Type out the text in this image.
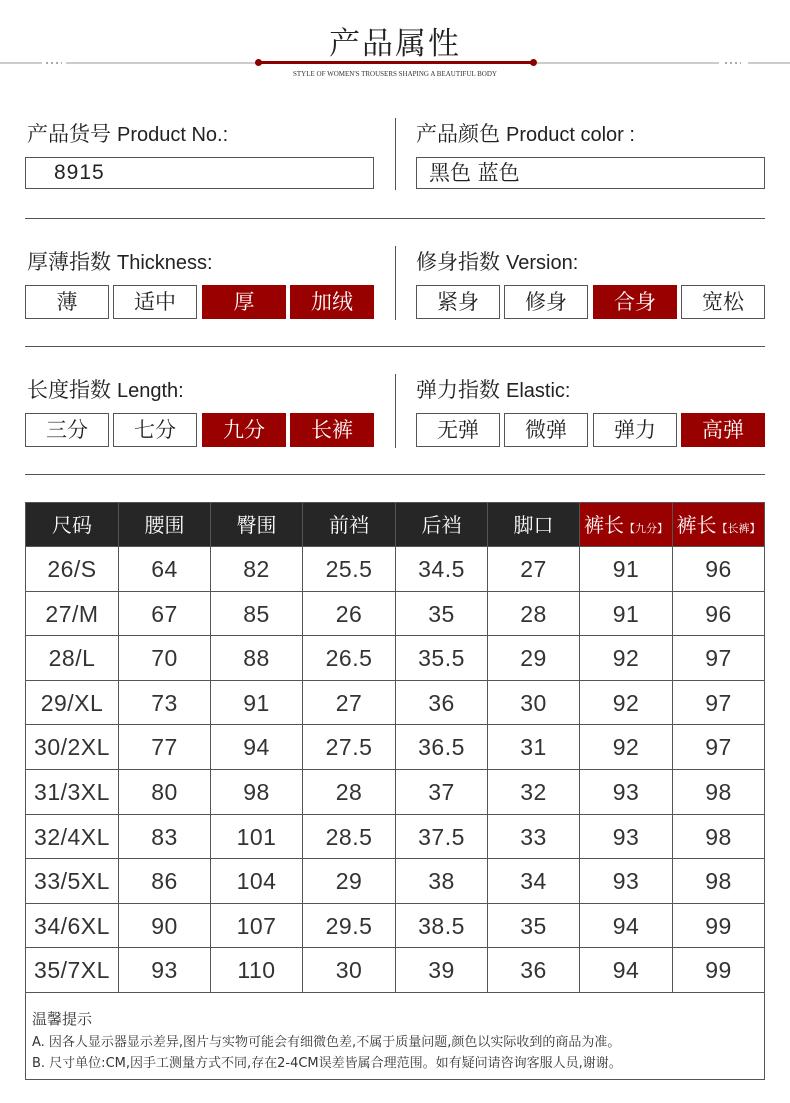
产品属性
STYLE OF WOMEN'S TROUSERS SHAPING A BEAUTIFUL BODY
产品货号 Product No.:
8915
产品颜色 Product color :
黑色 蓝色
厚薄指数 Thickness:
薄	适中	厚	加绒
修身指数 Version:
紧身	修身	合身	宽松
长度指数 Length:
三分	七分	九分	长裤
弹力指数 Elastic:
无弹	微弹	弹力	高弹
尺码	腰围	臀围	前裆	后裆	脚口	裤长【九分】 裤长【长裤】
26/S	64	82	25.5	34.5	27	91	96
27/M	67	85	26	35	28	91	96
28/L	70	88	26.5	35.5	29	92	97
29/XL	73	91	27	36	30	92	97
30/2XL	77	94	27.5	36.5	31	92	97
31/3XL	80	98	28	37	32	93	98
32/4XL	83	101	28.5	37.5	33	93	98
33/5XL	86	104	29	38	34	93	98
34/6XL	90	107	29.5	38.5	35	94	99
35/7XL	93	110	30	39	36	94	99
温馨提示
A. 因各人显示器显示差异,图片与实物可能会有细微色差,不属于质量问题,颜色以实际收到的商品为准。
B. 尺寸单位:CM,因手工测量方式不同,存在2-4CM误差皆属合理范围。如有疑问请咨询客服人员,谢谢。
